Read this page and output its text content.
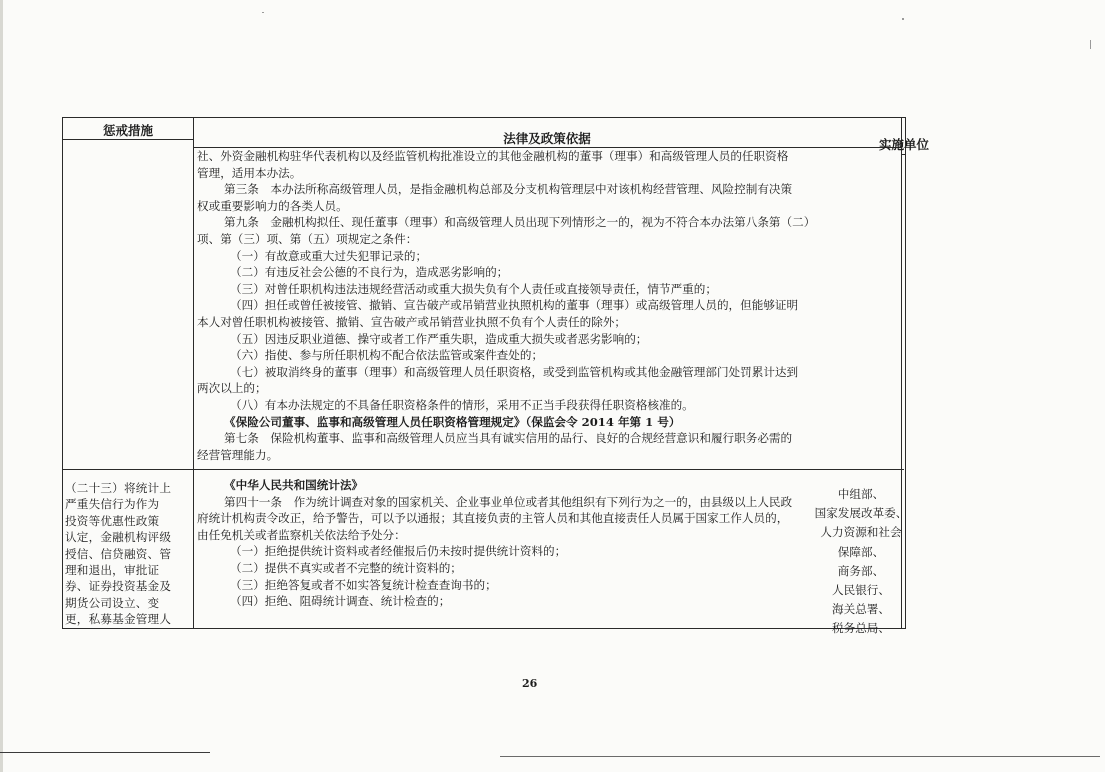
惩戒措施
法律及政策依据	实施单位

社、外资金融机构驻华代表机构以及经监管机构批准设立的其他金融机构的董事（理事）和高级管理人员的任职资格

管理，适用本办法。

第三条　本办法所称高级管理人员，是指金融机构总部及分支机构管理层中对该机构经营管理、风险控制有决策

权或重要影响力的各类人员。

第九条　金融机构拟任、现任董事（理事）和高级管理人员出现下列情形之一的，视为不符合本办法第八条第（二）

项、第（三）项、第（五）项规定之条件：

（一）有故意或重大过失犯罪记录的；

（二）有违反社会公德的不良行为，造成恶劣影响的；

（三）对曾任职机构违法违规经营活动或重大损失负有个人责任或直接领导责任，情节严重的；

（四）担任或曾任被接管、撤销、宣告破产或吊销营业执照机构的董事（理事）或高级管理人员的，但能够证明

本人对曾任职机构被接管、撤销、宣告破产或吊销营业执照不负有个人责任的除外；

（五）因违反职业道德、操守或者工作严重失职，造成重大损失或者恶劣影响的；

（六）指使、参与所任职机构不配合依法监管或案件查处的；

（七）被取消终身的董事（理事）和高级管理人员任职资格，或受到监管机构或其他金融管理部门处罚累计达到

两次以上的；

（八）有本办法规定的不具备任职资格条件的情形，采用不正当手段获得任职资格核准的。

《保险公司董事、监事和高级管理人员任职资格管理规定》（保监会令 2014 年第 1 号）

第七条　保险机构董事、监事和高级管理人员应当具有诚实信用的品行、良好的合规经营意识和履行职务必需的

经营管理能力。

《中华人民共和国统计法》

第四十一条　作为统计调查对象的国家机关、企业事业单位或者其他组织有下列行为之一的，由县级以上人民政

府统计机构责令改正，给予警告，可以予以通报；其直接负责的主管人员和其他直接责任人员属于国家工作人员的，

由任免机关或者监察机关依法给予处分：

（一）拒绝提供统计资料或者经催报后仍未按时提供统计资料的；

（二）提供不真实或者不完整的统计资料的；

（三）拒绝答复或者不如实答复统计检查查询书的；

（四）拒绝、阻碍统计调查、统计检查的；

（二十三）将统计上

严重失信行为作为

投资等优惠性政策

认定，金融机构评级

授信、信贷融资、管

理和退出，审批证

券、证券投资基金及

期货公司设立、变

更，私募基金管理人

中组部、

国家发展改革委、

人力资源和社会

保障部、

商务部、

人民银行、

海关总署、

税务总局、

26
